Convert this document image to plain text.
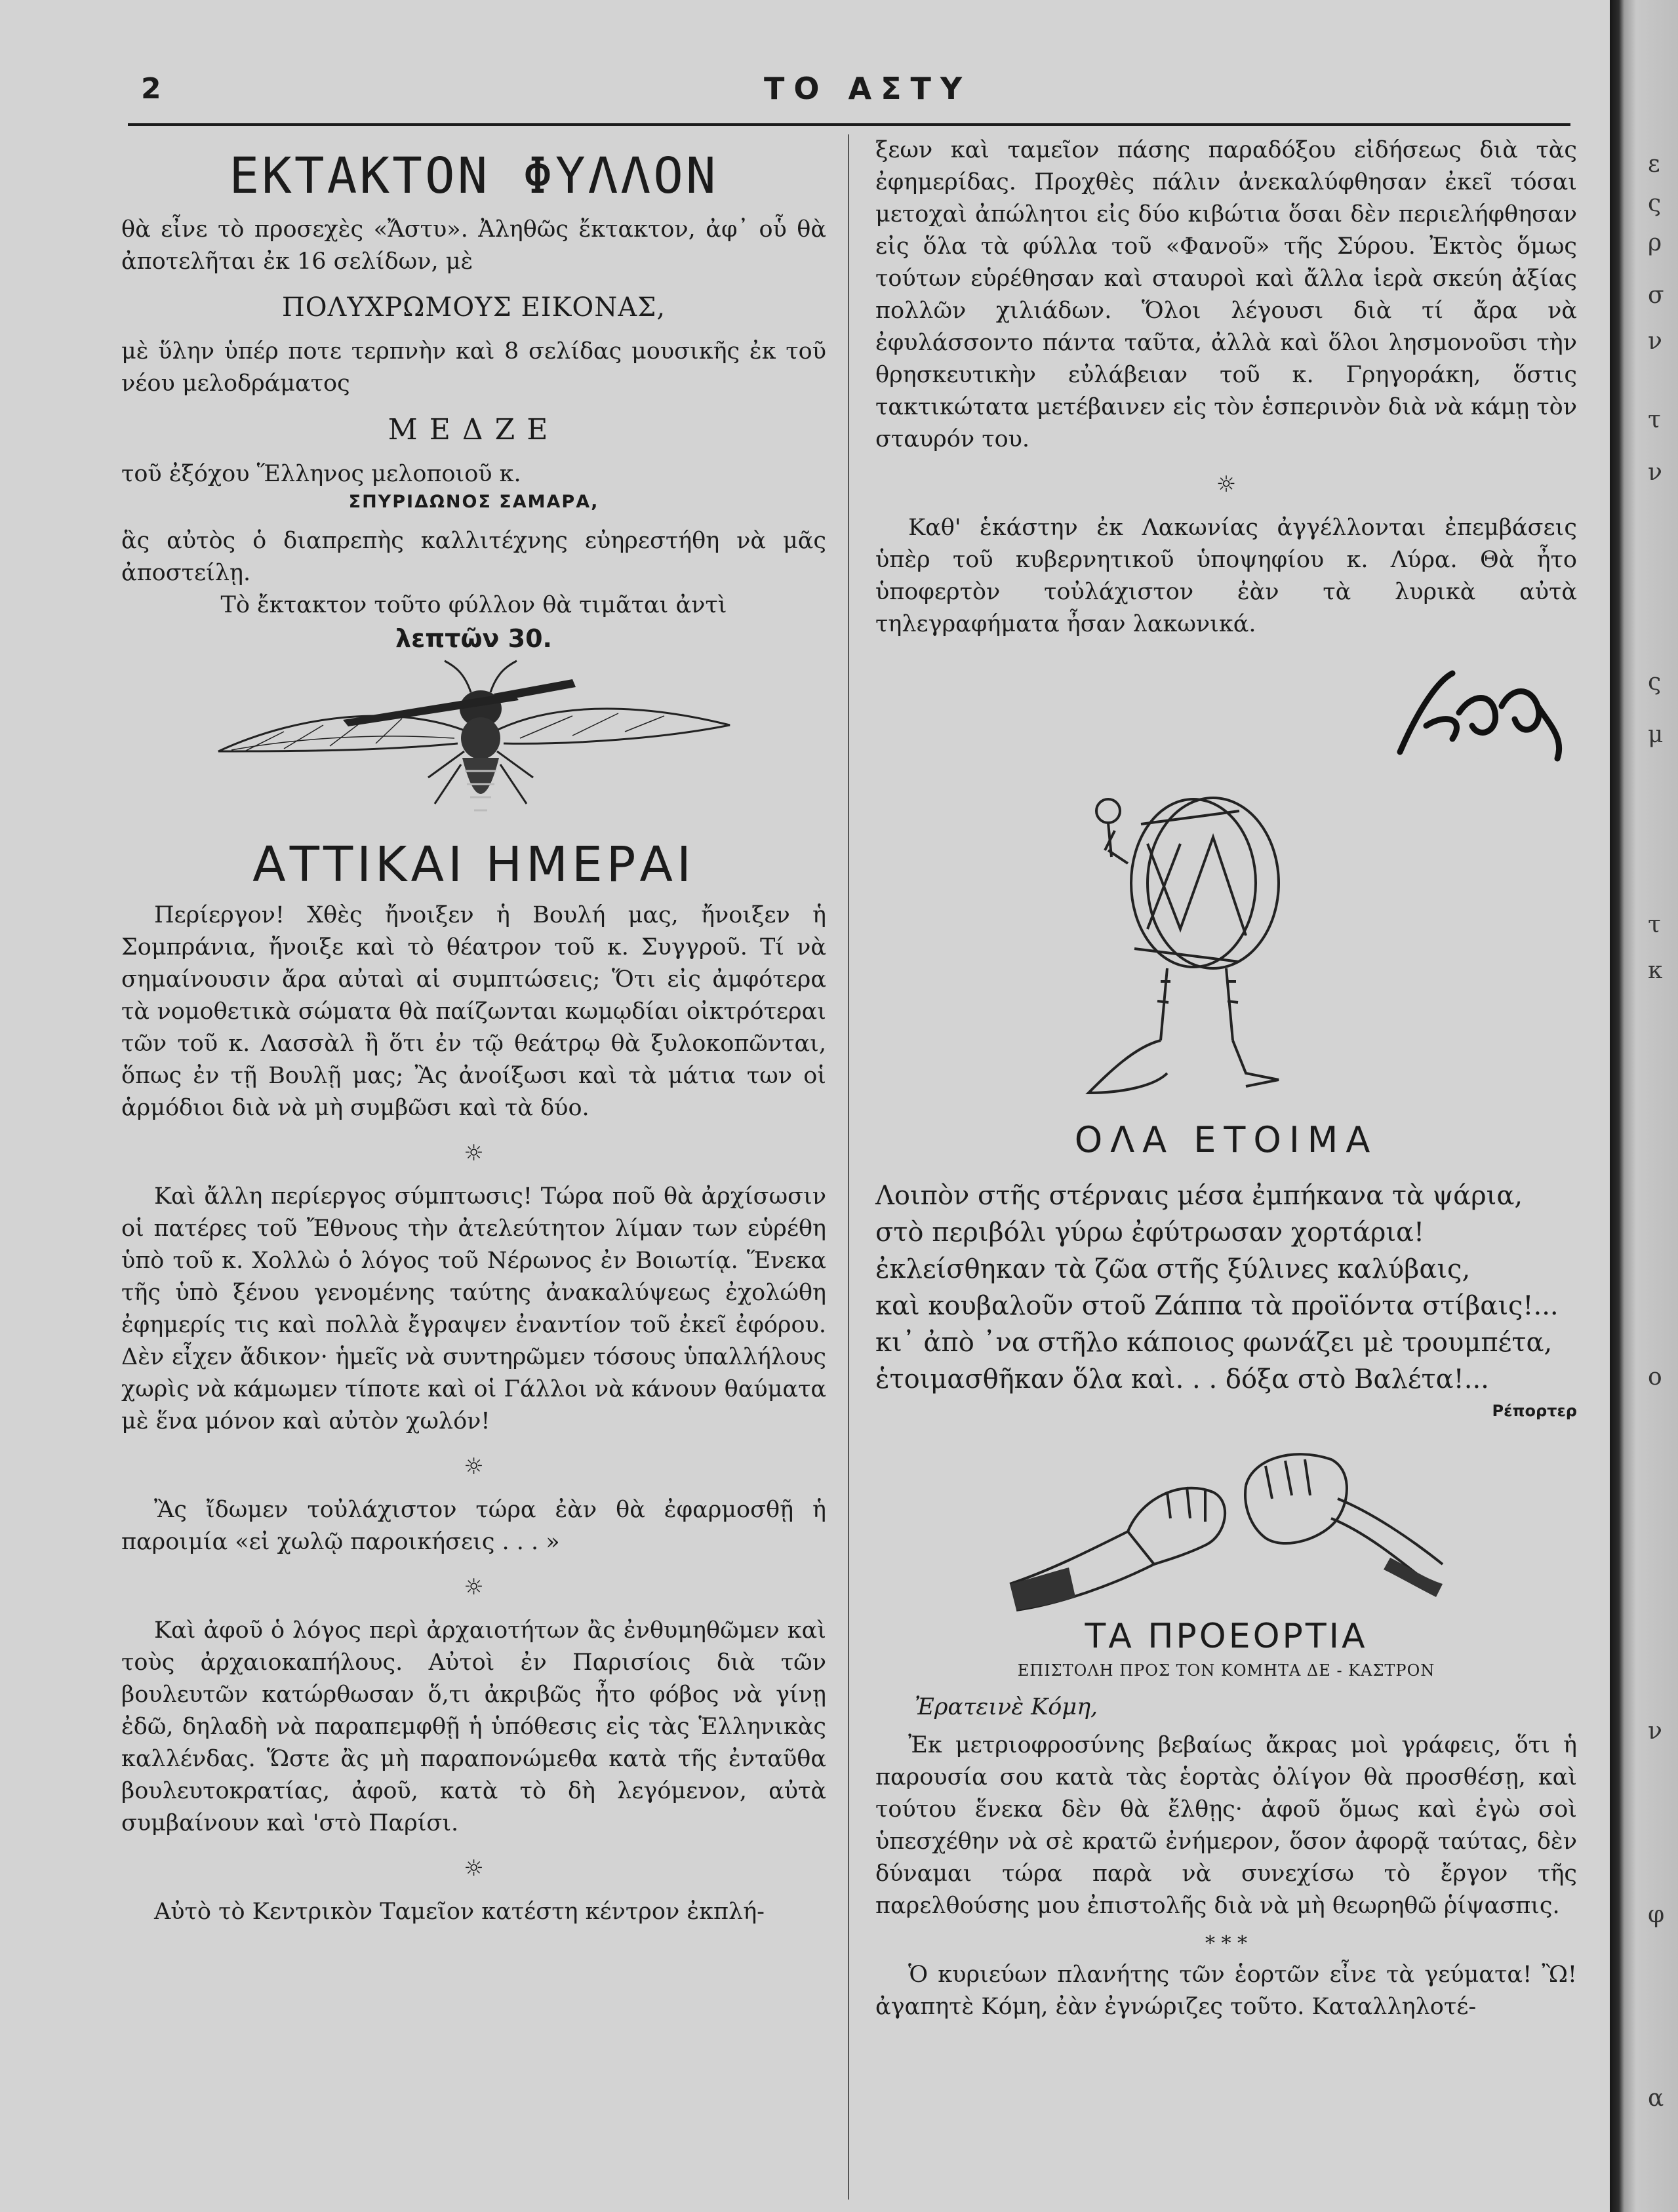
2	ΤΟ ΑΣΤΥ
ΕΚΤΑΚΤΟΝ ΦΥΛΛΟΝ

θὰ εἶνε τὸ προσεχὲς «Ἄστυ». Ἀληθῶς ἔκτακτον, ἀφ᾽ οὗ θὰ ἀποτελῆται ἐκ 16 σελίδων, μὲ

ΠΟΛΥΧΡΩΜΟΥΣ ΕΙΚΟΝΑΣ,

μὲ ὕλην ὑπέρ ποτε τερπνὴν καὶ 8 σελίδας μουσικῆς ἐκ τοῦ νέου μελοδράματος

ΜΕΔΖΕ

τοῦ ἐξόχου Ἕλληνος μελοποιοῦ κ.

ΣΠΥΡΙΔΩΝΟΣ ΣΑΜΑΡΑ,

ἃς αὐτὸς ὁ διαπρεπὴς καλλιτέχνης εὐηρεστήθη νὰ μᾶς ἀποστείλῃ.

Τὸ ἔκτακτον τοῦτο φύλλον θὰ τιμᾶται ἀντὶ

λεπτῶν 30.
ΑΤΤΙΚΑΙ ΗΜΕΡΑΙ

Περίεργον! Χθὲς ἤνοιξεν ἡ Βουλή μας, ἤνοιξεν ἡ Σομπράνια, ἤνοιξε καὶ τὸ θέατρον τοῦ κ. Συγγροῦ. Τί νὰ σημαίνουσιν ἄρα αὐταὶ αἱ συμπτώσεις; Ὅτι εἰς ἀμφότερα τὰ νομοθετικὰ σώματα θὰ παίζωνται κωμῳδίαι οἰκτρότεραι τῶν τοῦ κ. Λασσὰλ ἢ ὅτι ἐν τῷ θεάτρῳ θὰ ξυλοκοπῶνται, ὅπως ἐν τῇ Βουλῇ μας; Ἂς ἀνοίξωσι καὶ τὰ μάτια των οἱ ἁρμόδιοι διὰ νὰ μὴ συμβῶσι καὶ τὰ δύο.

☼

Καὶ ἄλλη περίεργος σύμπτωσις! Τώρα ποῦ θὰ ἀρχίσωσιν οἱ πατέρες τοῦ Ἔθνους τὴν ἀτελεύτητον λίμαν των εὑρέθη ὑπὸ τοῦ κ. Χολλὼ ὁ λόγος τοῦ Νέρωνος ἐν Βοιωτίᾳ. Ἕνεκα τῆς ὑπὸ ξένου γενομένης ταύτης ἀνακαλύψεως ἐχολώθη ἐφημερίς τις καὶ πολλὰ ἔγραψεν ἐναντίον τοῦ ἐκεῖ ἐφόρου. Δὲν εἶχεν ἄδικον· ἡμεῖς νὰ συντηρῶμεν τόσους ὑπαλλήλους χωρὶς νὰ κάμωμεν τίποτε καὶ οἱ Γάλλοι νὰ κάνουν θαύματα μὲ ἕνα μόνον καὶ αὐτὸν χωλόν!

☼

Ἂς ἴδωμεν τοὐλάχιστον τώρα ἐὰν θὰ ἐφαρμοσθῇ ἡ παροιμία «εἰ χωλῷ παροικήσεις . . . »

☼

Καὶ ἀφοῦ ὁ λόγος περὶ ἀρχαιοτήτων ἂς ἐνθυμηθῶμεν καὶ τοὺς ἀρχαιοκαπήλους. Αὐτοὶ ἐν Παρισίοις διὰ τῶν βουλευτῶν κατώρθωσαν ὅ,τι ἀκριβῶς ἦτο φόβος νὰ γίνῃ ἐδῶ, δηλαδὴ νὰ παραπεμφθῇ ἡ ὑπόθεσις εἰς τὰς Ἑλληνικὰς καλλένδας. Ὥστε ἂς μὴ παραπονώμεθα κατὰ τῆς ἐνταῦθα βουλευτοκρατίας, ἀφοῦ, κατὰ τὸ δὴ λεγόμενον, αὐτὰ συμβαίνουν καὶ 'στὸ Παρίσι.

☼

Αὐτὸ τὸ Κεντρικὸν Ταμεῖον κατέστη κέντρον ἐκπλή-

ξεων καὶ ταμεῖον πάσης παραδόξου εἰδήσεως διὰ τὰς ἐφημερίδας. Προχθὲς πάλιν ἀνεκαλύφθησαν ἐκεῖ τόσαι μετοχαὶ ἀπώλητοι εἰς δύο κιβώτια ὅσαι δὲν περιελήφθησαν εἰς ὅλα τὰ φύλλα τοῦ «Φανοῦ» τῆς Σύρου. Ἐκτὸς ὅμως τούτων εὑρέθησαν καὶ σταυροὶ καὶ ἄλλα ἱερὰ σκεύη ἀξίας πολλῶν χιλιάδων. Ὅλοι λέγουσι διὰ τί ἄρα νὰ ἐφυλάσσοντο πάντα ταῦτα, ἀλλὰ καὶ ὅλοι λησμονοῦσι τὴν θρησκευτικὴν εὐλάβειαν τοῦ κ. Γρηγοράκη, ὅστις τακτικώτατα μετέβαινεν εἰς τὸν ἑσπερινὸν διὰ νὰ κάμῃ τὸν σταυρόν του.

☼

Καθ' ἑκάστην ἐκ Λακωνίας ἀγγέλλονται ἐπεμβάσεις ὑπὲρ τοῦ κυβερνητικοῦ ὑποψηφίου κ. Λύρα. Θὰ ἦτο ὑποφερτὸν τοὐλάχιστον ἐὰν τὰ λυρικὰ αὐτὰ τηλεγραφήματα ἦσαν λακωνικά.

Ἀξιός
ΟΛΑ ΕΤΟΙΜΑ

Λοιπὸν στῆς στέρναις μέσα ἐμπήκανα τὰ ψάρια,

στὸ περιβόλι γύρω ἐφύτρωσαν χορτάρια!

ἐκλείσθηκαν τὰ ζῶα στῆς ξύλινες καλύβαις,

καὶ κουβαλοῦν στοῦ Ζάππα τὰ προϊόντα στίβαις!...

κι᾽ ἀπὸ ᾽να στῆλο κάποιος φωνάζει μὲ τρουμπέτα,

ἑτοιμασθῆκαν ὅλα καὶ. . . δόξα στὸ Βαλέτα!...

Ρέπορτερ
ΤΑ ΠΡΟΕΟΡΤΙΑ
ΕΠΙΣΤΟΛΗ ΠΡΟΣ ΤΟΝ ΚΟΜΗΤΑ ΔΕ - ΚΑΣΤΡΟΝ
Ἐρατεινὲ Κόμη,

Ἐκ μετριοφροσύνης βεβαίως ἄκρας μοὶ γράφεις, ὅτι ἡ παρουσία σου κατὰ τὰς ἑορτὰς ὀλίγον θὰ προσθέσῃ, καὶ τούτου ἕνεκα δὲν θὰ ἔλθῃς· ἀφοῦ ὅμως καὶ ἐγὼ σοὶ ὑπεσχέθην νὰ σὲ κρατῶ ἐνήμερον, ὅσον ἀφορᾷ ταύτας, δὲν δύναμαι τώρα παρὰ νὰ συνεχίσω τὸ ἔργον τῆς παρελθούσης μου ἐπιστολῆς διὰ νὰ μὴ θεωρηθῶ ῥίψασπις.

* * *

Ὁ κυριεύων πλανήτης τῶν ἑορτῶν εἶνε τὰ γεύματα! Ὢ! ἀγαπητὲ Κόμη, ἐὰν ἐγνώριζες τοῦτο. Καταλληλοτέ-

ε
ς
ρ
σ
ν
τ
ν
ς
μ
τ
κ
ο
ν
φ
α
